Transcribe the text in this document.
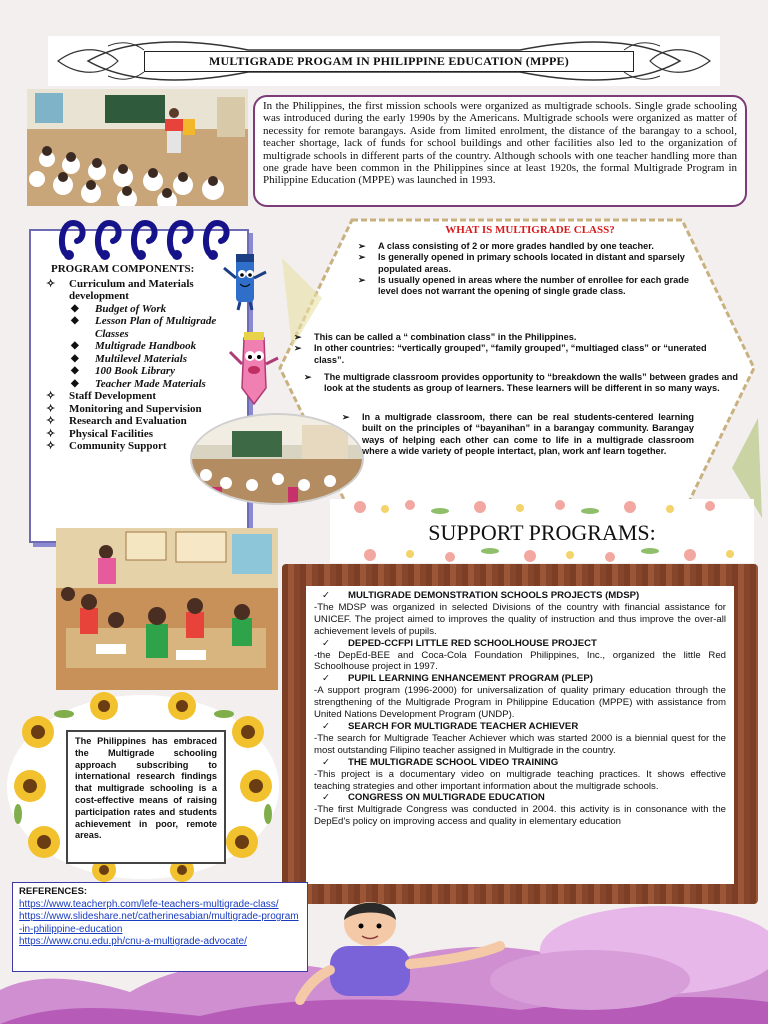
MULTIGRADE PROGAM IN PHILIPPINE EDUCATION (MPPE)
In the Philippines, the first mission schools were organized as multigrade schools. Single grade schooling was introduced during the early 1990s by the Americans. Multigrade schools were organized as matter of necessity for remote barangays. Aside from limited enrolment, the distance of the barangay to a school, teacher shortage, lack of funds for school buildings and other facilities also led to the organization of multigrade schools in different parts of the country. Although schools with one teacher handling more than one grade have been common in the Philippines since at least 1920s, the formal Multigrade Program in Philippine Education (MPPE) was launched in 1993.
PROGRAM COMPONENTS:
✧ Curriculum and Materials development
◆ Budget of Work
◆ Lesson Plan of Multigrade Classes
◆ Multigrade Handbook
◆ Multilevel Materials
◆ 100 Book Library
◆ Teacher Made Materials
✧ Staff Development
✧ Monitoring and Supervision
✧ Research and Evaluation
✧ Physical Facilities
✧ Community Support
WHAT IS MULTIGRADE CLASS?
➢ A class consisting of 2 or more grades handled by one teacher.
➢ Is generally opened in primary schools located in distant and sparsely populated areas.
➢ Is usually opened in areas where the number of enrollee for each grade level does not warrant the opening of single grade class.
➢ This can be called a “ combination class” in the Philippines.
➢ In other countries: “vertically grouped”, “family grouped”, “multiaged class” or “unerated class”.
➢ The multigrade classroom provides opportunity to “breakdown the walls” between grades and look at the students as group of learners. These learners will be different in so many ways.
➢ In a multigrade classroom, there can be real students-centered learning built on the principles of “bayanihan” in a barangay community. Barangay ways of helping each other can come to life in a multigrade classroom where a wide variety of people intertact, plan, work anf learn together.
SUPPORT PROGRAMS:
✓ MULTIGRADE DEMONSTRATION SCHOOLS PROJECTS (MDSP)
-The MDSP was organized in selected Divisions of the country with financial assistance for UNICEF. The project aimed to improves the quality of instruction and thus improve the over-all achievement levels of pupils.
✓ DEPED-CCFPI LITTLE RED SCHOOLHOUSE PROJECT
-the DepEd-BEE and Coca-Cola Foundation Philippines, Inc., organized the little Red Schoolhouse project in 1997.
✓ PUPIL LEARNING ENHANCEMENT PROGRAM (PLEP)
-A support program (1996-2000) for universalization of quality primary education through the strengthening of the Multigrade Program in Philippine Education (MPPE) with assistance from United Nations Development Program (UNDP).
✓ SEARCH FOR MULTIGRADE TEACHER ACHIEVER
-The search for Multigrade Teacher Achiever which was started 2000 is a biennial quest for the most outstanding Filipino teacher assigned in Multigrade in the country.
✓ THE MULTIGRADE SCHOOL VIDEO TRAINING
-This project is a documentary video on multigrade teaching practices. It shows effective teaching strategies and other important information about the multigrade schools.
✓ CONGRESS ON MULTIGRADE EDUCATION
-The first Multigrade Congress was conducted in 2004. this activity is in consonance with the DepEd’s policy on improving access and quality in elementary education
The Philippines has embraced the Multigrade schooling approach subscribing to international research findings that multigrade schooling is a cost-effective means of raising participation rates and students achievement in poor, remote areas.
REFERENCES:
https://www.teacherph.com/lefe-teachers-multigrade-class/
https://www.slideshare.net/catherinesabian/multigrade-program-in-philippine-education
https://www.cnu.edu.ph/cnu-a-multigrade-advocate/
